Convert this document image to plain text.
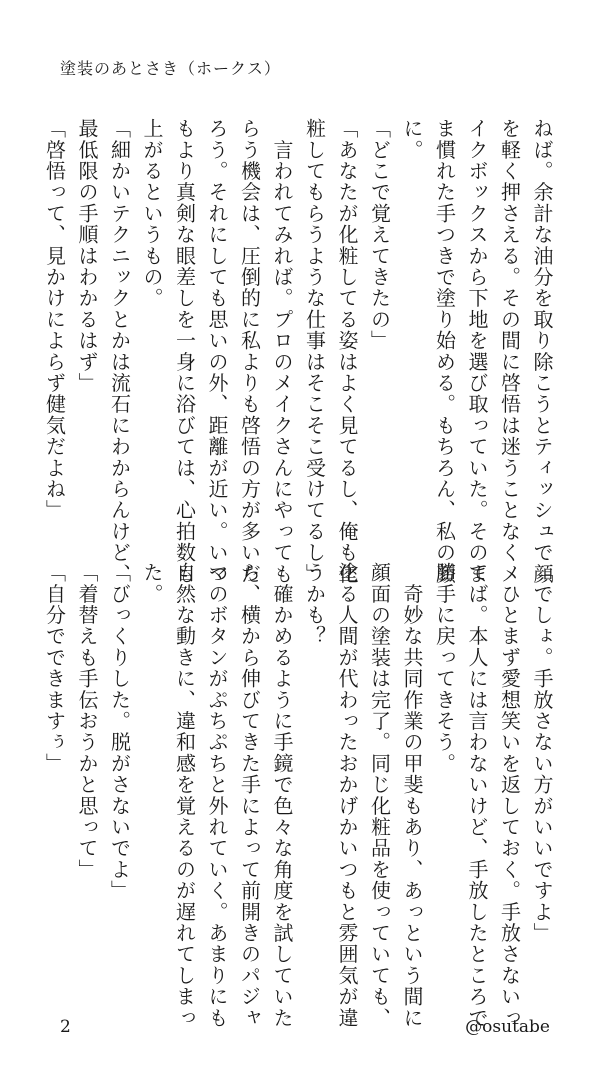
塗装のあとさき（ホークス）

ねば。余計な油分を取り除こうとティッシュで顔

を軽く押さえる。その間に啓悟は迷うことなくメ

イクボックスから下地を選び取っていた。そのま

ま慣れた手つきで塗り始める。もちろん、私の顔

に。

「どこで覚えてきたの」

「あなたが化粧してる姿はよく見てるし、俺も化

粧してもらうような仕事はそこそこ受けてるし」

　言われてみれば。プロのメイクさんにやっても

らう機会は、圧倒的に私よりも啓悟の方が多いだ

ろう。それにしても思いの外、距離が近い。いつ

もより真剣な眼差しを一身に浴びては、心拍数も

上がるというもの。

「細かいテクニックとかは流石にわからんけど、

最低限の手順はわかるはず」

「啓悟って、見かけによらず健気だよね」

「でしょ。手放さない方がいいですよ」

　ひとまず愛想笑いを返しておく。手放さないっ

てば。本人には言わないけど、手放したところで

勝手に戻ってきそう。

　奇妙な共同作業の甲斐もあり、あっという間に

顔面の塗装は完了。同じ化粧品を使っていても、

塗る人間が代わったおかげかいつもと雰囲気が違

うかも？

　確かめるように手鏡で色々な角度を試していた

ら、横から伸びてきた手によって前開きのパジャ

マのボタンがぷちぷちと外れていく。あまりにも

自然な動きに、違和感を覚えるのが遅れてしまっ

た。

「びっくりした。脱がさないでよ」

「着替えも手伝おうかと思って」

「自分でできますぅ」

2	@osutabe
